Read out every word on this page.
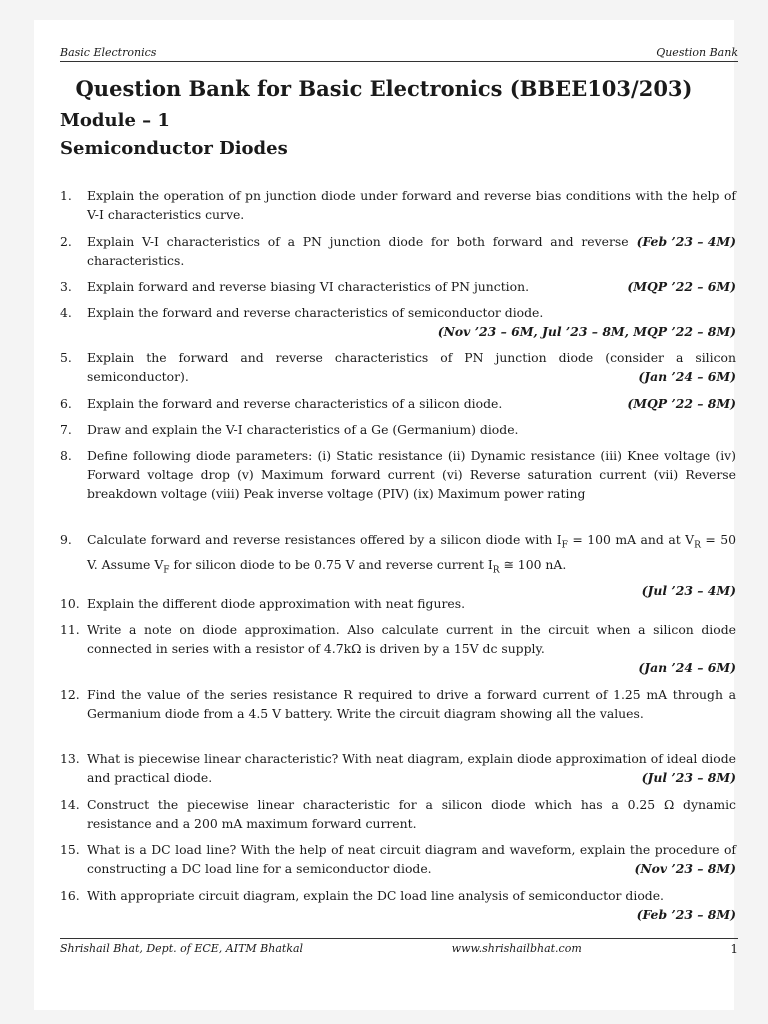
Basic Electronics	Question Bank
Question Bank for Basic Electronics (BBEE103/203)
Module – 1
Semiconductor Diodes
1. Explain the operation of pn junction diode under forward and reverse bias conditions with the help of V-I characteristics curve.
2.	(Feb ’23 – 4M)
Explain V-I characteristics of a PN junction diode for both forward and reverse characteristics.
3.	(MQP ’22 – 6M)
Explain forward and reverse biasing VI characteristics of PN junction.
4. Explain the forward and reverse characteristics of semiconductor diode.
(Nov ’23 – 6M, Jul ’23 – 8M, MQP ’22 – 8M)
5. Explain the forward and reverse characteristics of PN junction diode (consider a silicon semiconductor).	(Jan ’24 – 6M)
6.	(MQP ’22 – 8M)
Explain the forward and reverse characteristics of a silicon diode.
7. Draw and explain the V-I characteristics of a Ge (Germanium) diode.
8. Define following diode parameters: (i) Static resistance (ii) Dynamic resistance (iii) Knee voltage (iv) Forward voltage drop (v) Maximum forward current (vi) Reverse saturation current (vii) Reverse breakdown voltage (viii) Peak inverse voltage (PIV) (ix) Maximum power rating
9. Calculate forward and reverse resistances offered by a silicon diode with $I_F = 100$ mA and at $V_R = 50$ V. Assume $V_F$ for silicon diode to be 0.75 V and reverse current $I_R$ ≅ 100 nA.
(Jul ’23 – 4M)
10. Explain the different diode approximation with neat figures.
11. Write a note on diode approximation. Also calculate current in the circuit when a silicon diode connected in series with a resistor of 4.7kΩ is driven by a 15V dc supply.
(Jan ’24 – 6M)
12. Find the value of the series resistance R required to drive a forward current of 1.25 mA through a Germanium diode from a 4.5 V battery. Write the circuit diagram showing all the values.
13. What is piecewise linear characteristic? With neat diagram, explain diode approximation of ideal diode and practical diode.	(Jul ’23 – 8M)
14. Construct the piecewise linear characteristic for a silicon diode which has a 0.25 Ω dynamic resistance and a 200 mA maximum forward current.
15. What is a DC load line? With the help of neat circuit diagram and waveform, explain the procedure of constructing a DC load line for a semiconductor diode.	(Nov ’23 – 8M)
16. With appropriate circuit diagram, explain the DC load line analysis of semiconductor diode.
(Feb ’23 – 8M)
Shrishail Bhat, Dept. of ECE, AITM Bhatkal	www.shrishailbhat.com	1
